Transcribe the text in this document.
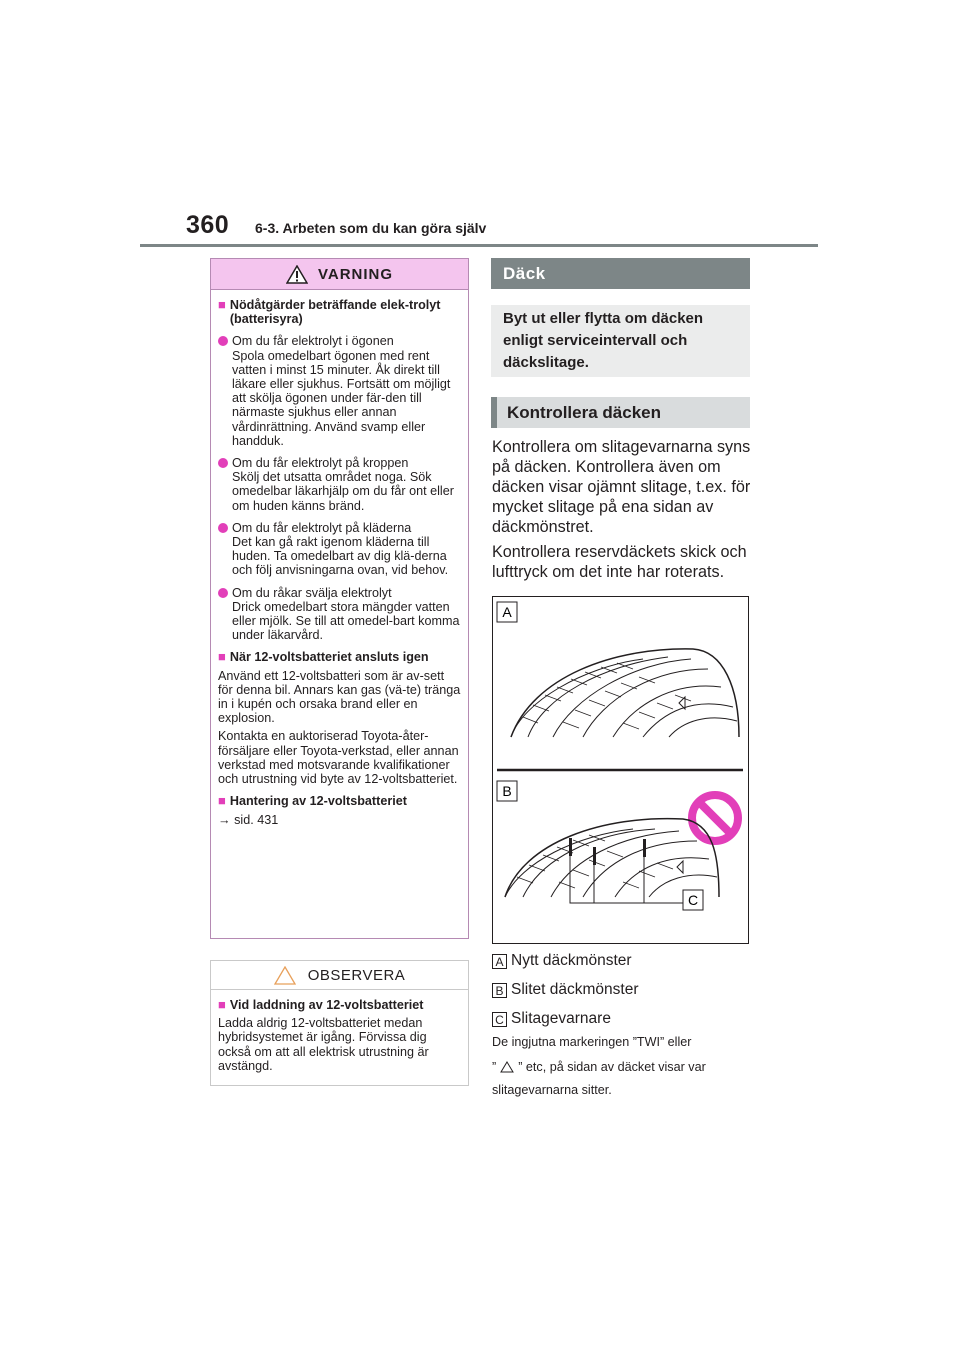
360 6-3. Arbeten som du kan göra själv
VARNING
■ Nödåtgärder beträffande elek-trolyt (batterisyra)
Om du får elektrolyt i ögonen
Spola omedelbart ögonen med rent vatten i minst 15 minuter. Åk direkt till läkare eller sjukhus. Fortsätt om möjligt att skölja ögonen under fär-den till närmaste sjukhus eller annan vårdinrättning. Använd svamp eller handduk.
Om du får elektrolyt på kroppen
Skölj det utsatta området noga. Sök omedelbar läkarhjälp om du får ont eller om huden känns bränd.
Om du får elektrolyt på kläderna
Det kan gå rakt igenom kläderna till huden. Ta omedelbart av dig klä-derna och följ anvisningarna ovan, vid behov.
Om du råkar svälja elektrolyt
Drick omedelbart stora mängder vatten eller mjölk. Se till att omedel-bart komma under läkarvård.
■ När 12-voltsbatteriet ansluts igen
Använd ett 12-voltsbatteri som är av-sett för denna bil. Annars kan gas (vä-te) tränga in i kupén och orsaka brand eller en explosion.
Kontakta en auktoriserad Toyota-åter-försäljare eller Toyota-verkstad, eller annan verkstad med motsvarande kvalifikationer och utrustning vid byte av 12-voltsbatteriet.
■ Hantering av 12-voltsbatteriet
→ sid. 431
OBSERVERA
■ Vid laddning av 12-voltsbatteriet
Ladda aldrig 12-voltsbatteriet medan hybridsystemet är igång. Förvissa dig också om att all elektrisk utrustning är avstängd.
Däck
Byt ut eller flytta om däcken enligt serviceintervall och däckslitage.
Kontrollera däcken
Kontrollera om slitagevarnarna syns på däcken. Kontrollera även om däcken visar ojämnt slitage, t.ex. för mycket slitage på ena sidan av däckmönstret.
Kontrollera reservdäckets skick och lufttryck om det inte har roterats.
A
B
C
A Nytt däckmönster
B Slitet däckmönster
C Slitagevarnare
De ingjutna markeringen ”TWI” eller
” ” etc, på sidan av däcket visar var
slitagevarnarna sitter.
